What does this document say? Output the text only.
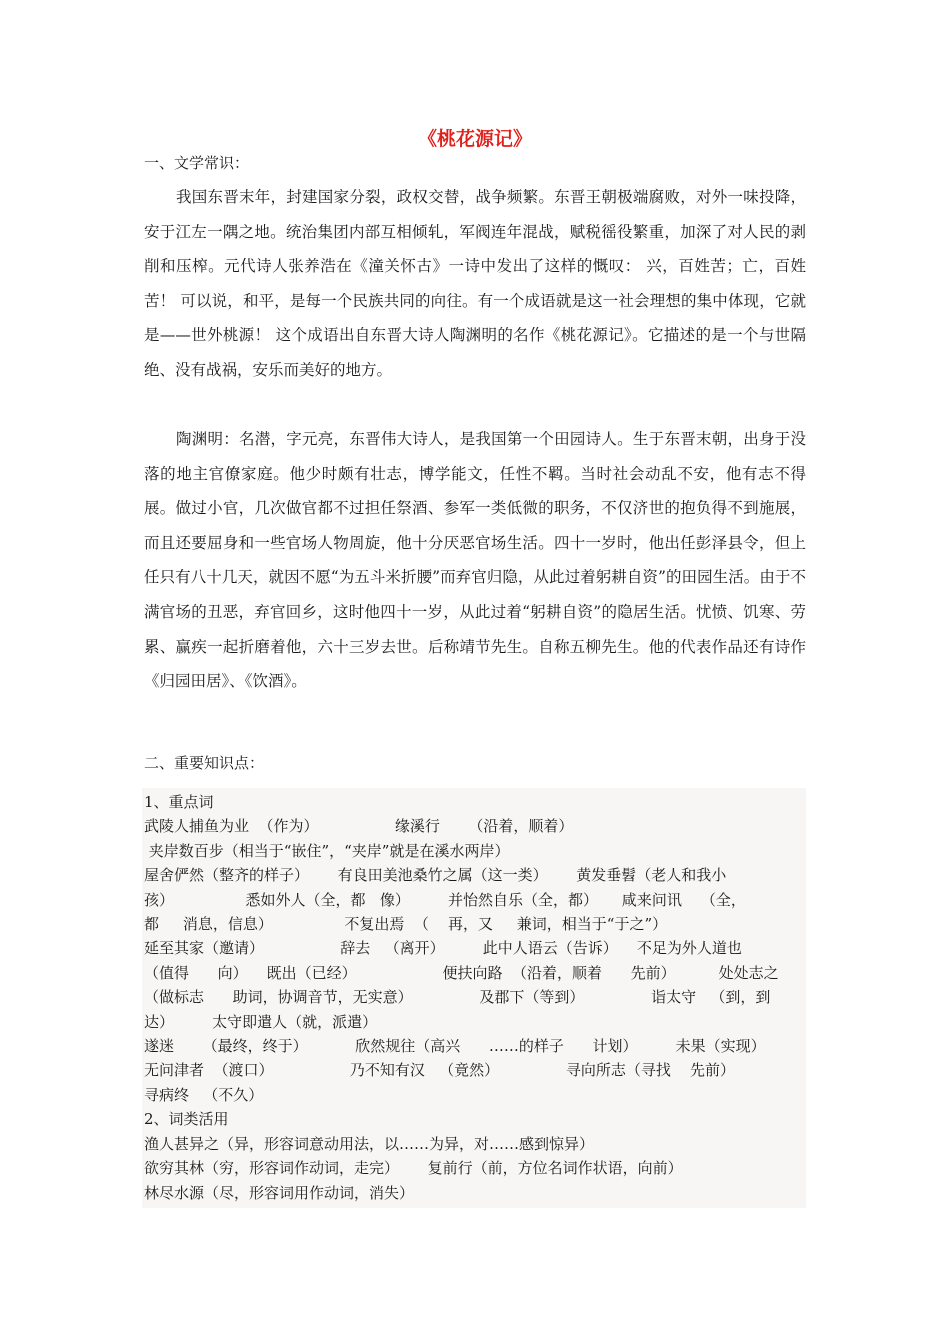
《桃花源记》
一、文学常识：

我国东晋末年，封建国家分裂，政权交替，战争频繁。东晋王朝极端腐败，对外一味投降，安于江左一隅之地。统治集团内部互相倾轧，军阀连年混战，赋税徭役繁重，加深了对人民的剥削和压榨。元代诗人张养浩在《潼关怀古》一诗中发出了这样的慨叹： 兴，百姓苦；亡，百姓苦！ 可以说，和平，是每一个民族共同的向往。有一个成语就是这一社会理想的集中体现，它就是——世外桃源！ 这个成语出自东晋大诗人陶渊明的名作《桃花源记》。它描述的是一个与世隔绝、没有战祸，安乐而美好的地方。

陶渊明：名潜，字元亮，东晋伟大诗人，是我国第一个田园诗人。生于东晋末朝，出身于没落的地主官僚家庭。他少时颇有壮志，博学能文，任性不羁。当时社会动乱不安，他有志不得展。做过小官，几次做官都不过担任祭酒、参军一类低微的职务，不仅济世的抱负得不到施展，而且还要屈身和一些官场人物周旋，他十分厌恶官场生活。四十一岁时，他出任彭泽县令，但上任只有八十几天，就因不愿“为五斗米折腰”而弃官归隐，从此过着躬耕自资”的田园生活。由于不满官场的丑恶，弃官回乡，这时他四十一岁，从此过着“躬耕自资”的隐居生活。忧愤、饥寒、劳累、赢疾一起折磨着他，六十三岁去世。后称靖节先生。自称五柳先生。他的代表作品还有诗作《归园田居》、《饮酒》。

二、重要知识点：

1、重点词

武陵人捕鱼为业  （作为）                缘溪行      （沿着，顺着）

夹岸数百步（相当于“嵌住”，“夹岸”就是在溪水两岸）

屋舍俨然（整齐的样子）      有良田美池桑竹之属（这一类）      黄发垂髫（老人和我小

孩）               悉如外人（全，都   像）        并怡然自乐（全，都）     咸来问讯    （全，

都     消息，信息）               不复出焉  （    再，又     兼词，相当于“于之”）

延至其家（邀请）                辞去   （离开）        此中人语云（告诉）    不足为外人道也

（值得      向）    既出（已经）                  便扶向路  （沿着，顺着      先前）         处处志之

（做标志      助词，协调音节，无实意）              及郡下（等到）              诣太守   （到，到

达）        太守即遣人（就，派遣）

遂迷      （最终，终于）          欣然规往（高兴      ……的样子      计划）        未果（实现）

无问津者  （渡口）                乃不知有汉   （竟然）              寻向所志（寻找    先前）

寻病终   （不久）

2、词类活用

渔人甚异之（异，形容词意动用法，以……为异，对……感到惊异）

欲穷其林（穷，形容词作动词，走完）      复前行（前，方位名词作状语，向前）

林尽水源（尽，形容词用作动词，消失）
